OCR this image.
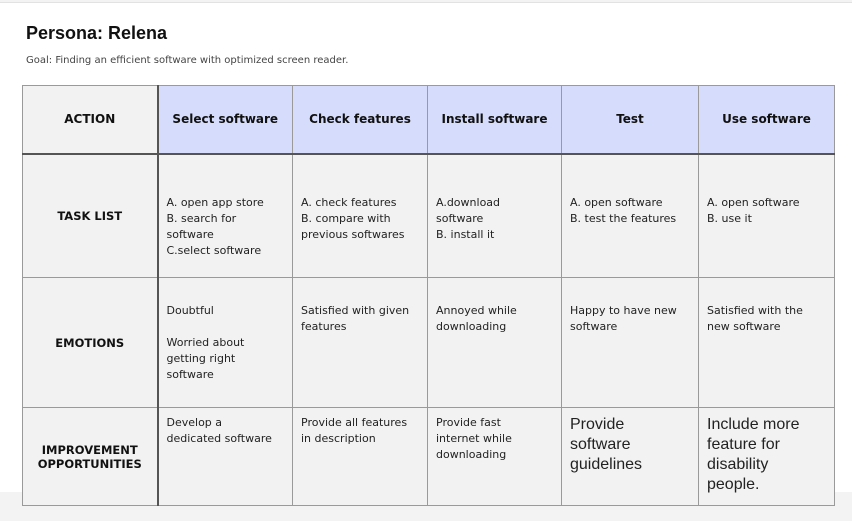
Persona: Relena
Goal: Finding an efficient software with optimized screen reader.
ACTION	Select software	Check features	Install software	Test	Use software
TASK LIST	A. open app store
B. search for
software
C.select software	A. check features
B. compare with
previous softwares	A.download
software
B. install it	A. open software
B. test the features	A. open software
B. use it

EMOTIONS	Doubtful
Worried about
getting right
software	Satisfied with given
features	Annoyed while
downloading	Happy to have new
software	Satisfied with the
new software

IMPROVEMENT
OPPORTUNITIES	Develop a
dedicated software	Provide all features
in description	Provide fast
internet while
downloading	Provide
software
guidelines	Include more
feature for
disability
people.
